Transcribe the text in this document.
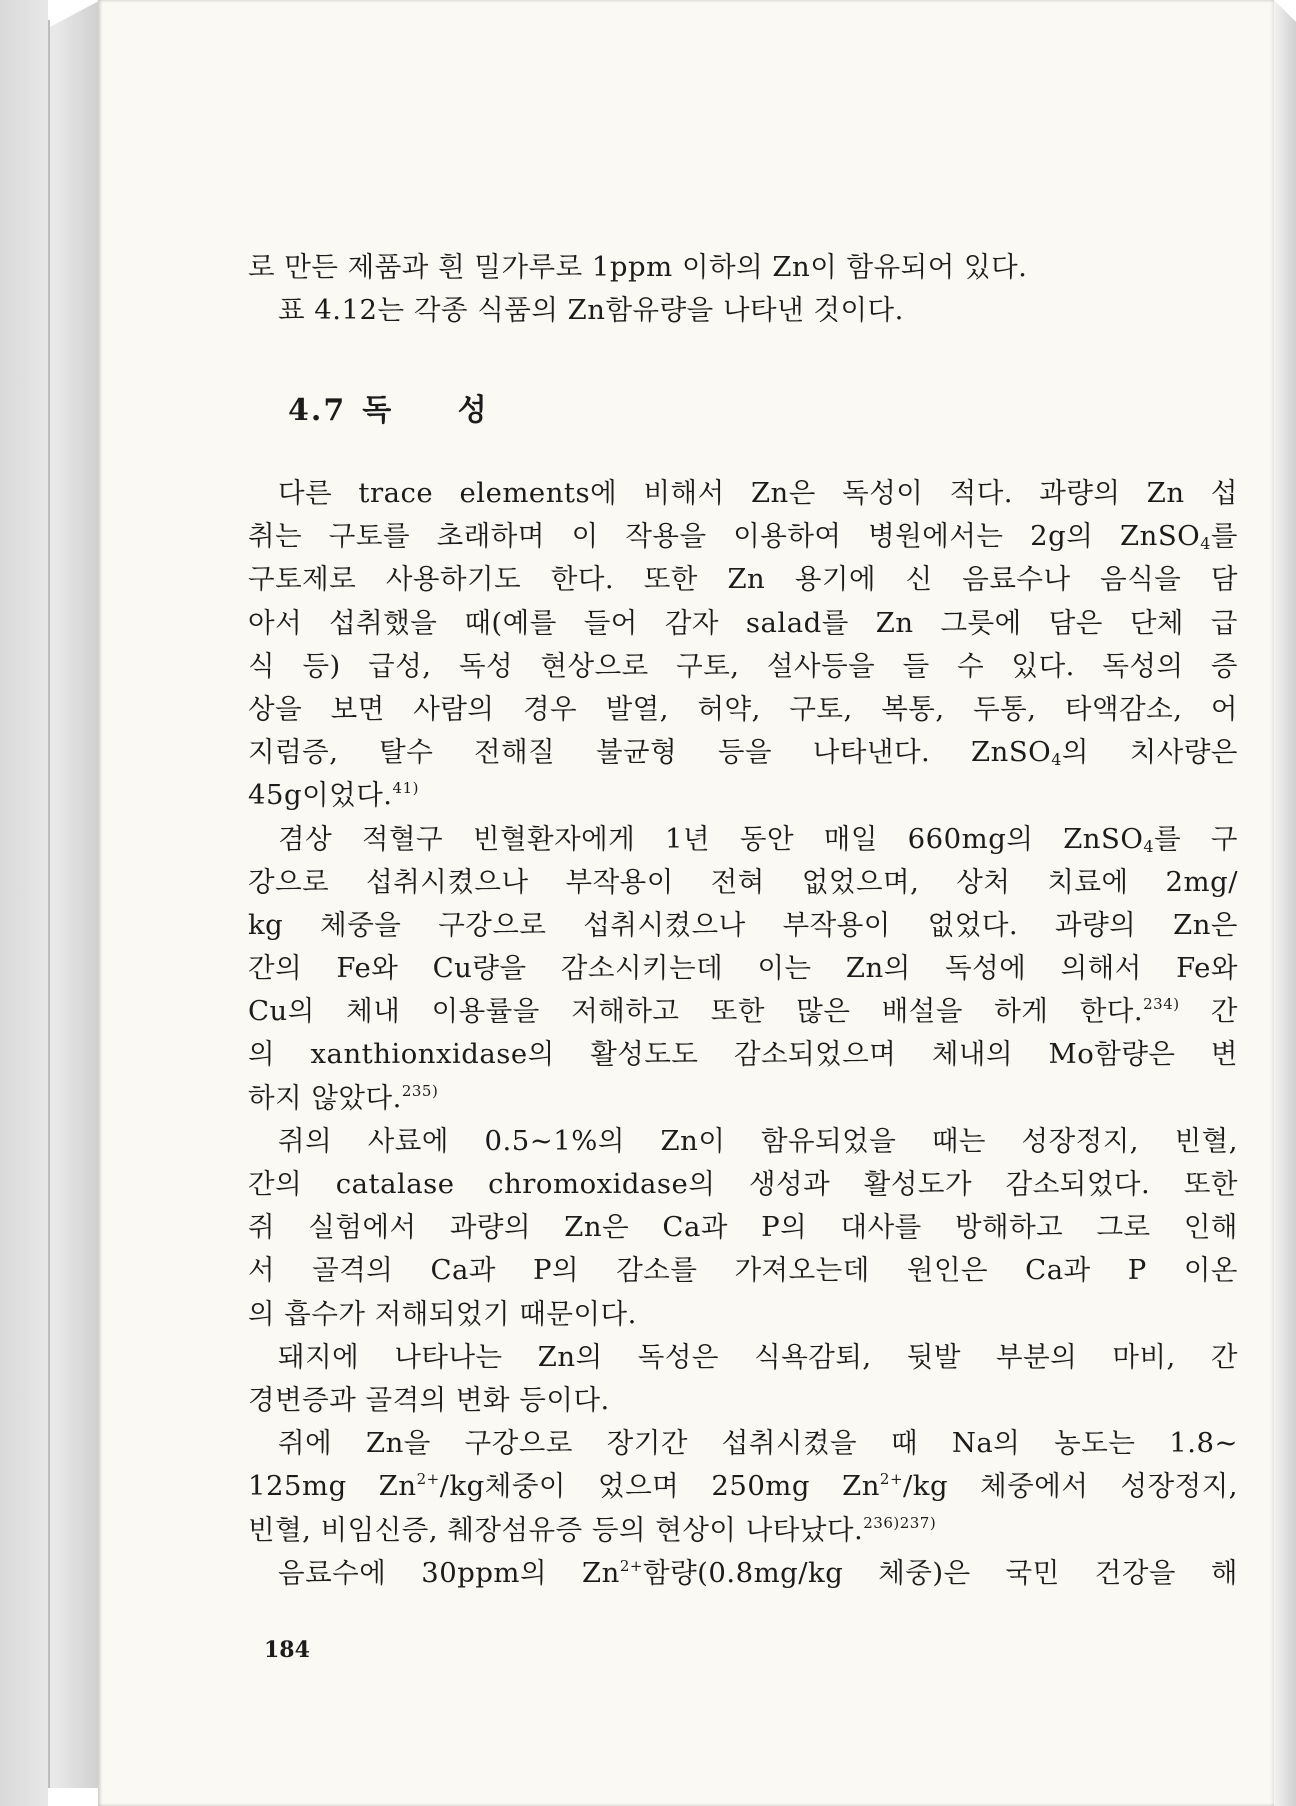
로 만든 제품과 흰 밀가루로 1ppm 이하의 Zn이 함유되어 있다.
표 4.12는 각종 식품의 Zn함유량을 나타낸 것이다.
4.7 독 성
다른 trace elements에 비해서 Zn은 독성이 적다. 과량의 Zn 섭
취는 구토를 초래하며 이 작용을 이용하여 병원에서는 2g의 ZnSO$_4$를
구토제로 사용하기도 한다. 또한 Zn 용기에 신 음료수나 음식을 담
아서 섭취했을 때(예를 들어 감자 salad를 Zn 그릇에 담은 단체 급
식 등) 급성, 독성 현상으로 구토, 설사등을 들 수 있다. 독성의 증
상을 보면 사람의 경우 발열, 허약, 구토, 복통, 두통, 타액감소, 어
지럼증, 탈수 전해질 불균형 등을 나타낸다. ZnSO$_4$의 치사량은
45g이었다.$^{41)}$
겸상 적혈구 빈혈환자에게 1년 동안 매일 660mg의 ZnSO$_4$를 구
강으로 섭취시켰으나 부작용이 전혀 없었으며, 상처 치료에 2mg/
kg 체중을 구강으로 섭취시켰으나 부작용이 없었다. 과량의 Zn은
간의 Fe와 Cu량을 감소시키는데 이는 Zn의 독성에 의해서 Fe와
Cu의 체내 이용률을 저해하고 또한 많은 배설을 하게 한다.$^{234)}$ 간
의 xanthionxidase의 활성도도 감소되었으며 체내의 Mo함량은 변
하지 않았다.$^{235)}$
쥐의 사료에 0.5~1%의 Zn이 함유되었을 때는 성장정지, 빈혈,
간의 catalase chromoxidase의 생성과 활성도가 감소되었다. 또한
쥐 실험에서 과량의 Zn은 Ca과 P의 대사를 방해하고 그로 인해
서 골격의 Ca과 P의 감소를 가져오는데 원인은 Ca과 P 이온
의 흡수가 저해되었기 때문이다.
돼지에 나타나는 Zn의 독성은 식욕감퇴, 뒷발 부분의 마비, 간
경변증과 골격의 변화 등이다.
쥐에 Zn을 구강으로 장기간 섭취시켰을 때 Na의 농도는 1.8~
125mg $Zn^{2+}/kg$체중이 었으며 250mg $Zn^{2+}/kg$ 체중에서 성장정지,
빈혈, 비임신증, 췌장섬유증 등의 현상이 나타났다.$^{236)237)}$
음료수에 30ppm의 $Zn^{2+}$함량(0.8mg/kg 체중)은 국민 건강을 해
184
